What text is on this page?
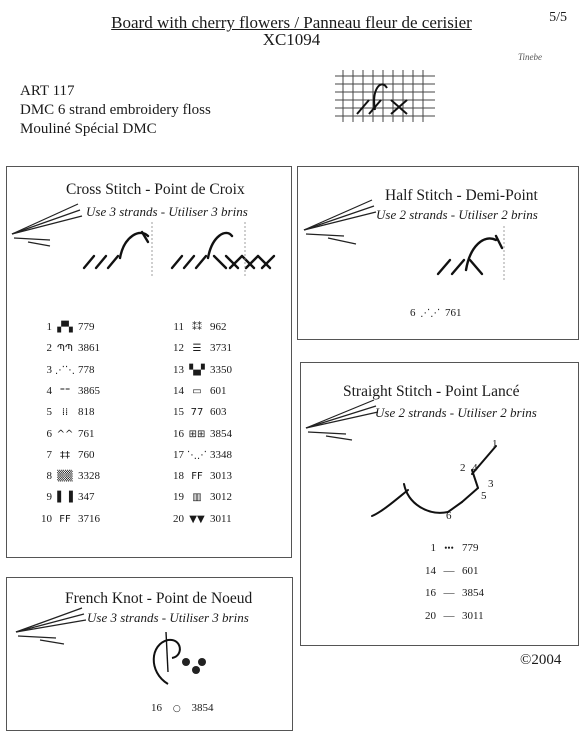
Board with cherry flowers / Panneau fleur de cerisier
XC1094
5/5
Tinebe
ART 117
DMC 6 strand embroidery floss
Mouliné Spécial DMC
Cross Stitch - Point de Croix
Use 3 strands - Utiliser 3 brins
1 ▞▚ 779
2 ՊՊ 3861
3 ⋰⋱ 778
4 ⁼⁼ 3865
5 ⁞⁞ 818
6 ^^ 761
7 ‡‡ 760
8 ▒▒ 3328
9 ▌▐ 347
10 FF 3716
11 ⁑⁑ 962
12 ☰ 3731
13 ▚▞ 3350
14 ▭ 601
15 77 603
16 ⊞⊞ 3854
17 ⋱⋰ 3348
18 FF 3013
19 ▥ 3012
20 ▼▼ 3011
Half Stitch - Demi-Point
Use 2 strands - Utiliser 2 brins
6 ⋰⋰ 761
Straight Stitch - Point Lancé
Use 2 strands - Utiliser 2 brins
1
2
3
4
5
6
1 ••• 779
14 — 601
16 — 3854
20 — 3011
French Knot - Point de Noeud
Use 3 strands - Utiliser 3 brins
16 ○ 3854
©2004
